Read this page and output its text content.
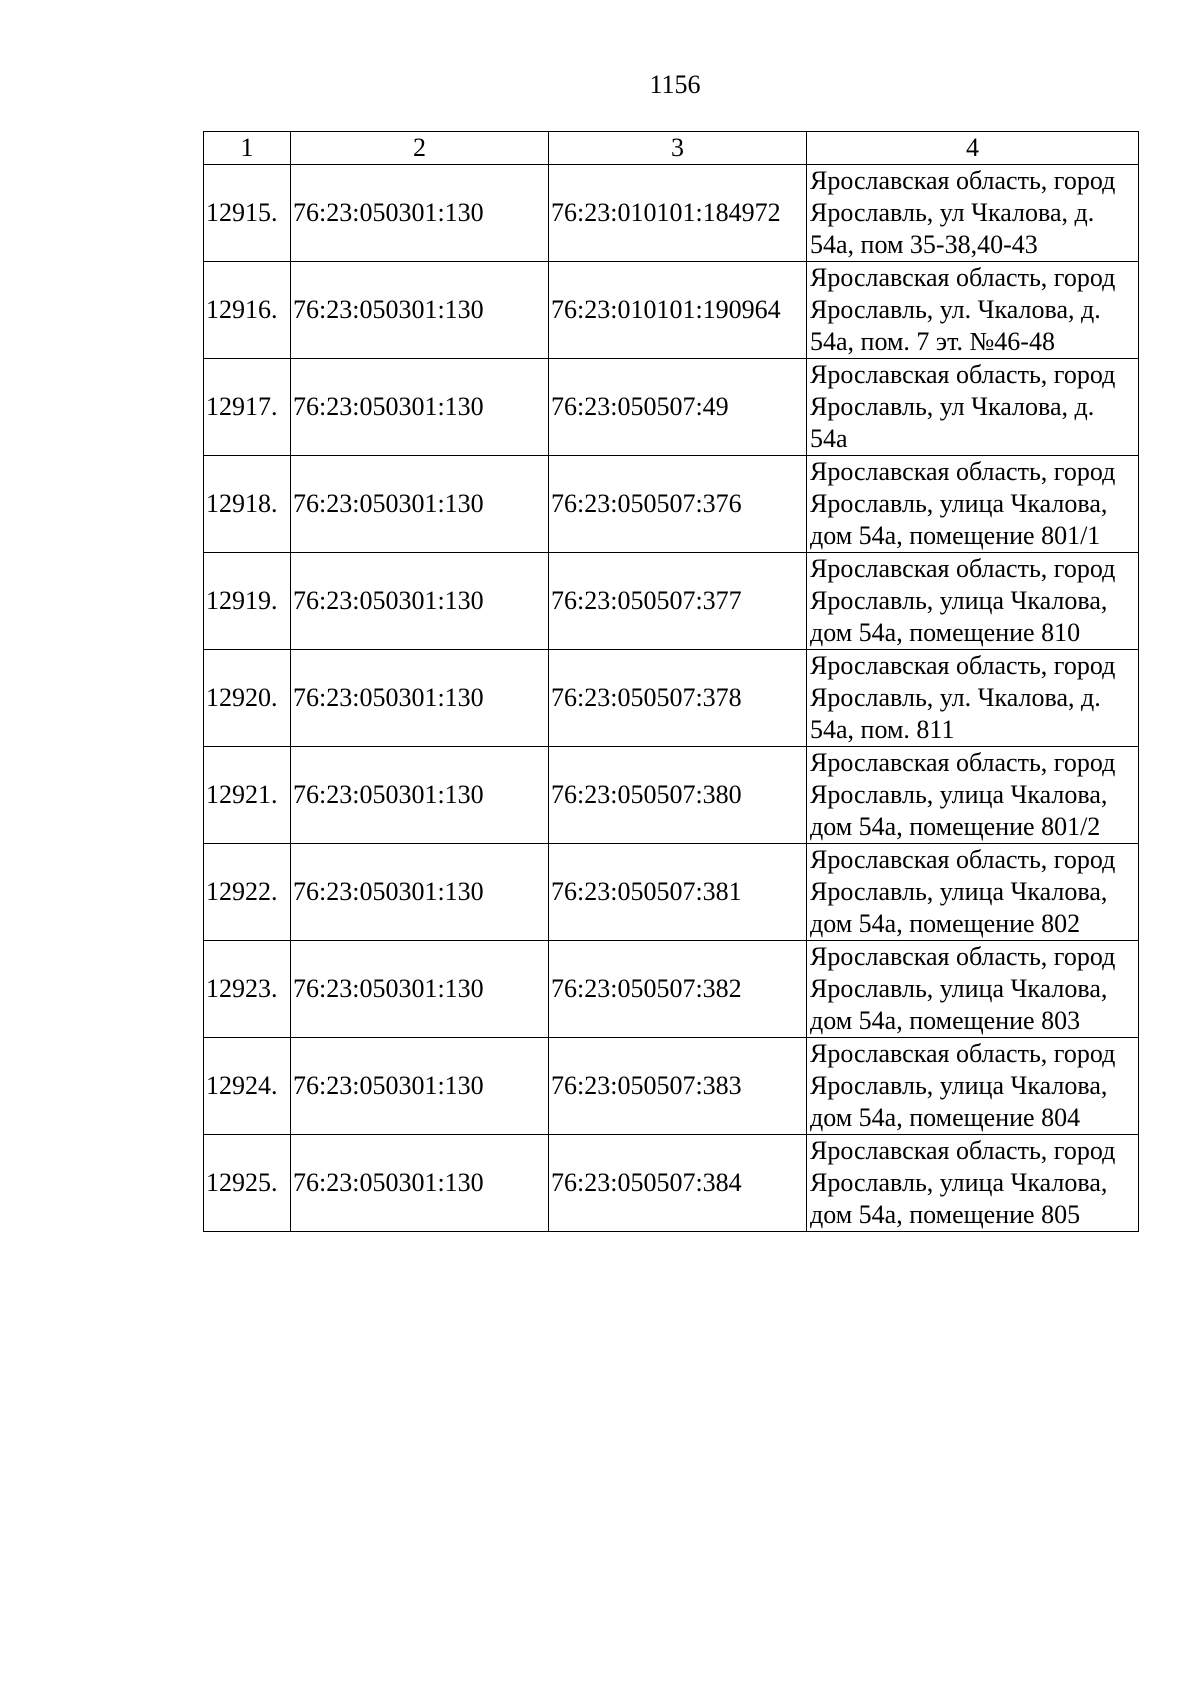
1156
1	2	3	4
12915.	76:23:050301:130	76:23:010101:184972	Ярославская область, город Ярославль, ул Чкалова, д. 54а, пом 35-38,40-43
12916.	76:23:050301:130	76:23:010101:190964	Ярославская область, город Ярославль, ул. Чкалова, д. 54а, пом. 7 эт. №46-48
12917.	76:23:050301:130	76:23:050507:49	Ярославская область, город Ярославль, ул Чкалова, д. 54а
12918.	76:23:050301:130	76:23:050507:376	Ярославская область, город Ярославль, улица Чкалова, дом 54а, помещение 801/1
12919.	76:23:050301:130	76:23:050507:377	Ярославская область, город Ярославль, улица Чкалова, дом 54а, помещение 810
12920.	76:23:050301:130	76:23:050507:378	Ярославская область, город Ярославль, ул. Чкалова, д. 54а, пом. 811
12921.	76:23:050301:130	76:23:050507:380	Ярославская область, город Ярославль, улица Чкалова, дом 54а, помещение 801/2
12922.	76:23:050301:130	76:23:050507:381	Ярославская область, город Ярославль, улица Чкалова, дом 54а, помещение 802
12923.	76:23:050301:130	76:23:050507:382	Ярославская область, город Ярославль, улица Чкалова, дом 54а, помещение 803
12924.	76:23:050301:130	76:23:050507:383	Ярославская область, город Ярославль, улица Чкалова, дом 54а, помещение 804
12925.	76:23:050301:130	76:23:050507:384	Ярославская область, город Ярославль, улица Чкалова, дом 54а, помещение 805
